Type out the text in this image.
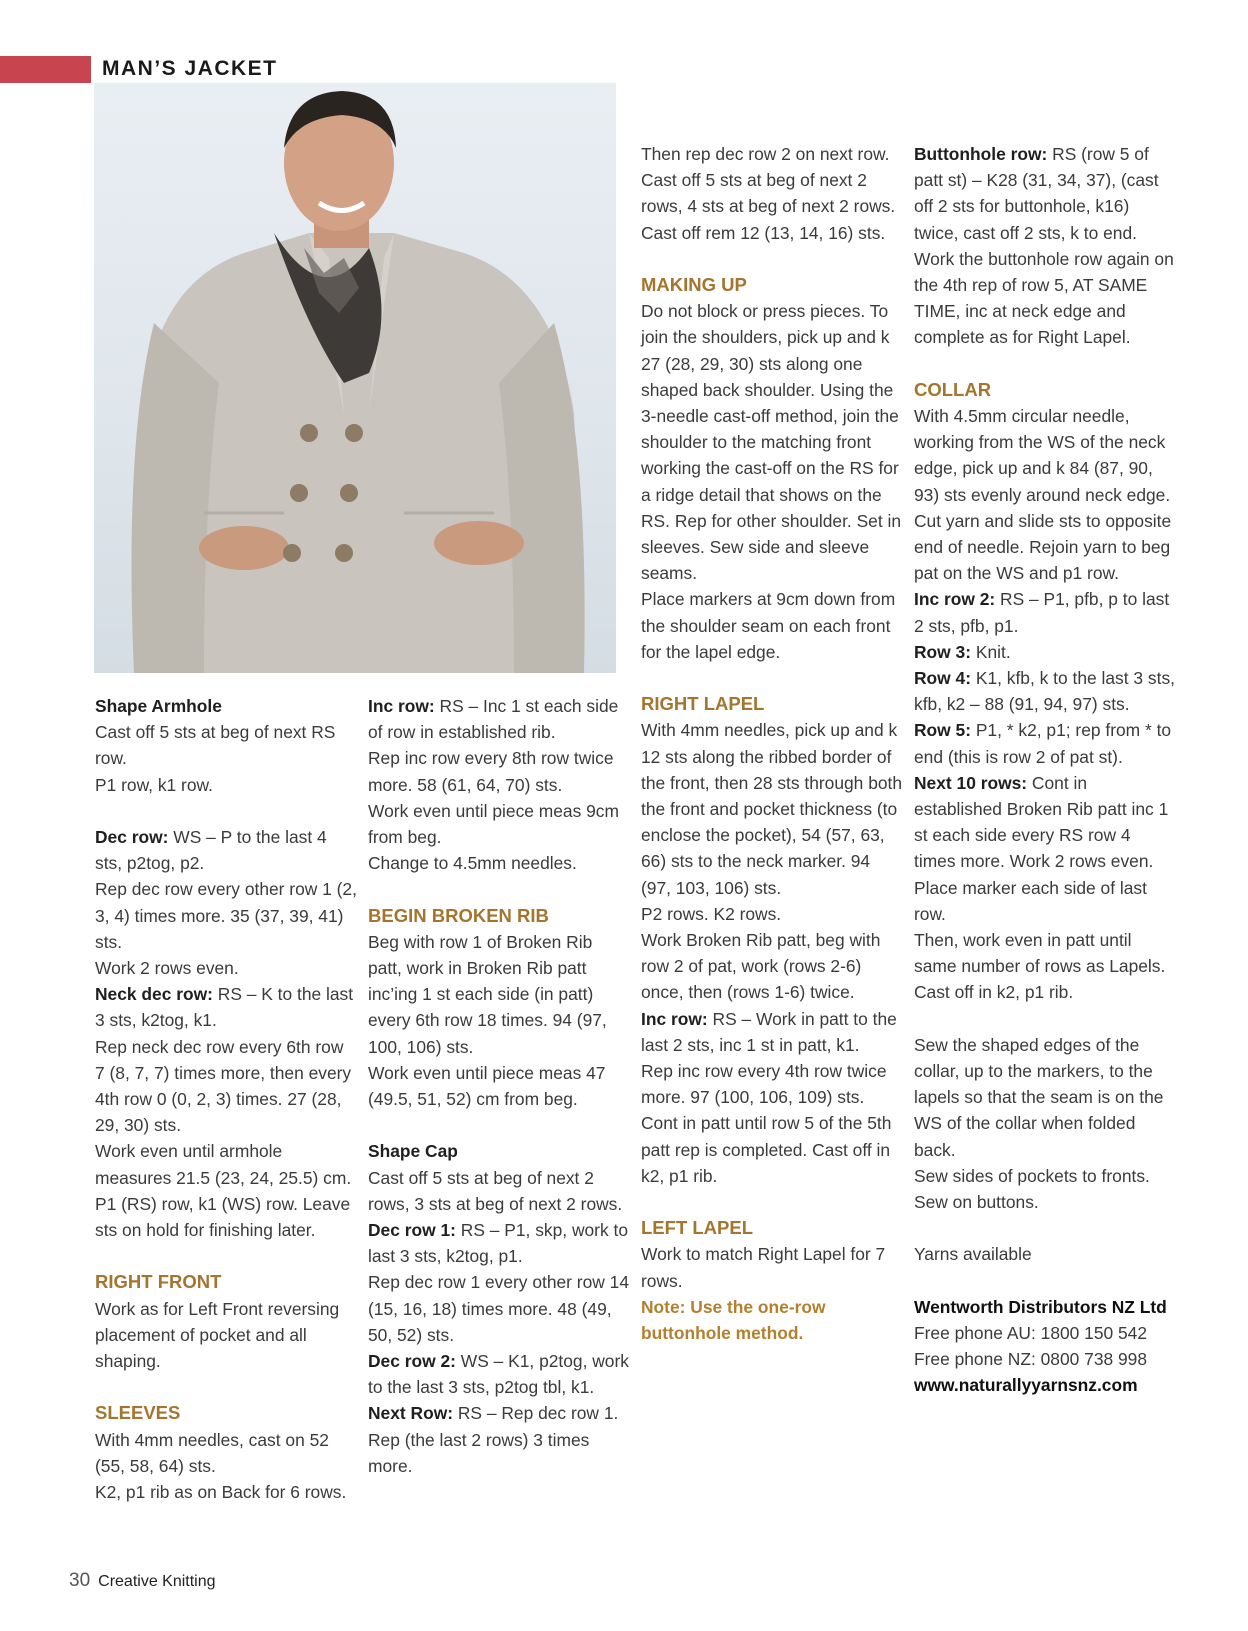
MAN’S JACKET

Shape Armhole

Cast off 5 sts at beg of next RS row.

P1 row, k1 row.

Dec row: WS – P to the last 4 sts, p2tog, p2.

Rep dec row every other row 1 (2, 3, 4) times more. 35 (37, 39, 41) sts.

Work 2 rows even.

Neck dec row: RS – K to the last 3 sts, k2tog, k1.

Rep neck dec row every 6th row 7 (8, 7, 7) times more, then every 4th row 0 (0, 2, 3) times. 27 (28, 29, 30) sts.

Work even until armhole measures 21.5 (23, 24, 25.5) cm.

P1 (RS) row, k1 (WS) row. Leave sts on hold for finishing later.

RIGHT FRONT

Work as for Left Front reversing placement of pocket and all shaping.

SLEEVES

With 4mm needles, cast on 52 (55, 58, 64) sts.

K2, p1 rib as on Back for 6 rows.

Inc row: RS – Inc 1 st each side of row in established rib.

Rep inc row every 8th row twice more. 58 (61, 64, 70) sts.

Work even until piece meas 9cm from beg.

Change to 4.5mm needles.

BEGIN BROKEN RIB

Beg with row 1 of Broken Rib patt, work in Broken Rib patt inc’ing 1 st each side (in patt) every 6th row 18 times. 94 (97, 100, 106) sts.

Work even until piece meas 47 (49.5, 51, 52) cm from beg.

Shape Cap

Cast off 5 sts at beg of next 2 rows, 3 sts at beg of next 2 rows.

Dec row 1: RS – P1, skp, work to last 3 sts, k2tog, p1.

Rep dec row 1 every other row 14 (15, 16, 18) times more. 48 (49, 50, 52) sts.

Dec row 2: WS – K1, p2tog, work to the last 3 sts, p2tog tbl, k1.

Next Row: RS – Rep dec row 1. Rep (the last 2 rows) 3 times more.

Then rep dec row 2 on next row.

Cast off 5 sts at beg of next 2 rows, 4 sts at beg of next 2 rows.

Cast off rem 12 (13, 14, 16) sts.

MAKING UP

Do not block or press pieces. To join the shoulders, pick up and k 27 (28, 29, 30) sts along one shaped back shoulder. Using the 3-needle cast-off method, join the shoulder to the matching front working the cast-off on the RS for a ridge detail that shows on the RS. Rep for other shoulder. Set in sleeves. Sew side and sleeve seams.

Place markers at 9cm down from the shoulder seam on each front for the lapel edge.

RIGHT LAPEL

With 4mm needles, pick up and k 12 sts along the ribbed border of the front, then 28 sts through both the front and pocket thickness (to enclose the pocket), 54 (57, 63, 66) sts to the neck marker. 94 (97, 103, 106) sts.

P2 rows. K2 rows.

Work Broken Rib patt, beg with row 2 of pat, work (rows 2-6) once, then (rows 1-6) twice.

Inc row: RS – Work in patt to the last 2 sts, inc 1 st in patt, k1.

Rep inc row every 4th row twice more. 97 (100, 106, 109) sts.

Cont in patt until row 5 of the 5th patt rep is completed. Cast off in k2, p1 rib.

LEFT LAPEL

Work to match Right Lapel for 7 rows.

Note: Use the one-row buttonhole method.

Buttonhole row: RS (row 5 of patt st) – K28 (31, 34, 37), (cast off 2 sts for buttonhole, k16) twice, cast off 2 sts, k to end.

Work the buttonhole row again on the 4th rep of row 5, AT SAME TIME, inc at neck edge and complete as for Right Lapel.

COLLAR

With 4.5mm circular needle, working from the WS of the neck edge, pick up and k 84 (87, 90, 93) sts evenly around neck edge. Cut yarn and slide sts to opposite end of needle. Rejoin yarn to beg pat on the WS and p1 row.

Inc row 2: RS – P1, pfb, p to last 2 sts, pfb, p1.

Row 3: Knit.

Row 4: K1, kfb, k to the last 3 sts, kfb, k2 – 88 (91, 94, 97) sts.

Row 5: P1, * k2, p1; rep from * to end (this is row 2 of pat st).

Next 10 rows: Cont in established Broken Rib patt inc 1 st each side every RS row 4 times more. Work 2 rows even. Place marker each side of last row.

Then, work even in patt until same number of rows as Lapels. Cast off in k2, p1 rib.

Sew the shaped edges of the collar, up to the markers, to the lapels so that the seam is on the WS of the collar when folded back.

Sew sides of pockets to fronts. Sew on buttons.

Yarns available

Wentworth Distributors NZ Ltd

Free phone AU: 1800 150 542

Free phone NZ: 0800 738 998

www.naturallyyarnsnz.com

30 Creative Knitting
